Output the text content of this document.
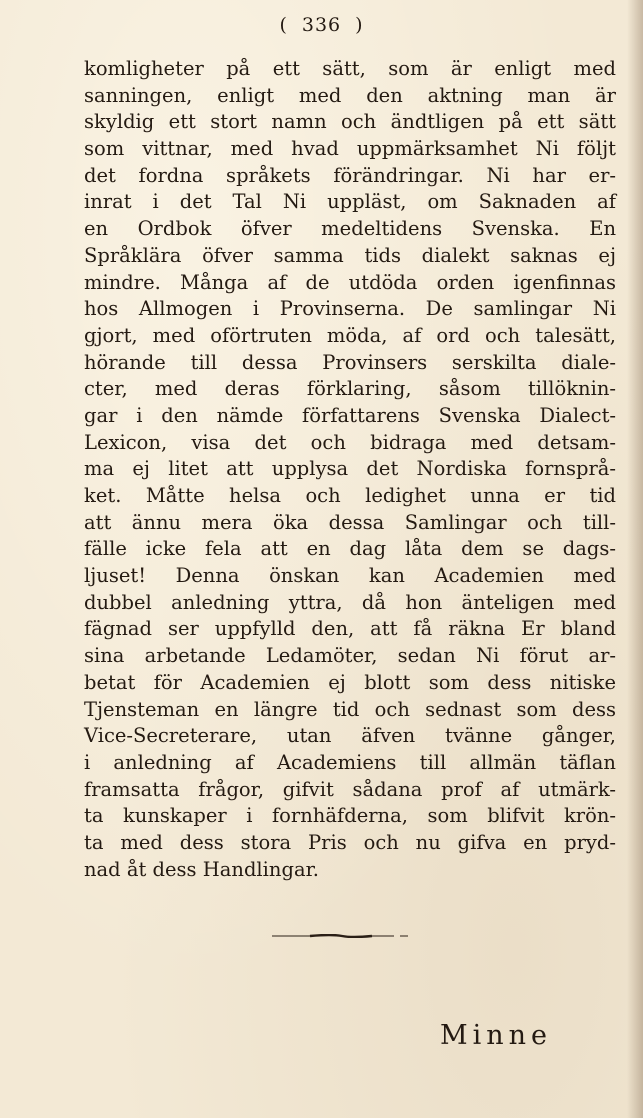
( 336 )
komligheter på ett sätt, som är enligt med
sanningen, enligt med den aktning man är
skyldig ett stort namn och ändtligen på ett sätt
som vittnar, med hvad uppmärksamhet Ni följt
det fordna språkets förändringar. Ni har er-
inrat i det Tal Ni uppläst, om Saknaden af
en Ordbok öfver medeltidens Svenska. En
Språklära öfver samma tids dialekt saknas ej
mindre. Många af de utdöda orden igenfinnas
hos Allmogen i Provinserna. De samlingar Ni
gjort, med oförtruten möda, af ord och talesätt,
hörande till dessa Provinsers serskilta diale-
cter, med deras förklaring, såsom tillöknin-
gar i den nämde författarens Svenska Dialect-
Lexicon, visa det och bidraga med detsam-
ma ej litet att upplysa det Nordiska fornsprå-
ket. Måtte helsa och ledighet unna er tid
att ännu mera öka dessa Samlingar och till-
fälle icke fela att en dag låta dem se dags-
ljuset! Denna önskan kan Academien med
dubbel anledning yttra, då hon änteligen med
fägnad ser uppfylld den, att få räkna Er bland
sina arbetande Ledamöter, sedan Ni förut ar-
betat för Academien ej blott som dess nitiske
Tjensteman en längre tid och sednast som dess
Vice-Secreterare, utan äfven tvänne gånger,
i anledning af Academiens till allmän täflan
framsatta frågor, gifvit sådana prof af utmärk-
ta kunskaper i fornhäfderna, som blifvit krön-
ta med dess stora Pris och nu gifva en pryd-
nad åt dess Handlingar.
Minne
